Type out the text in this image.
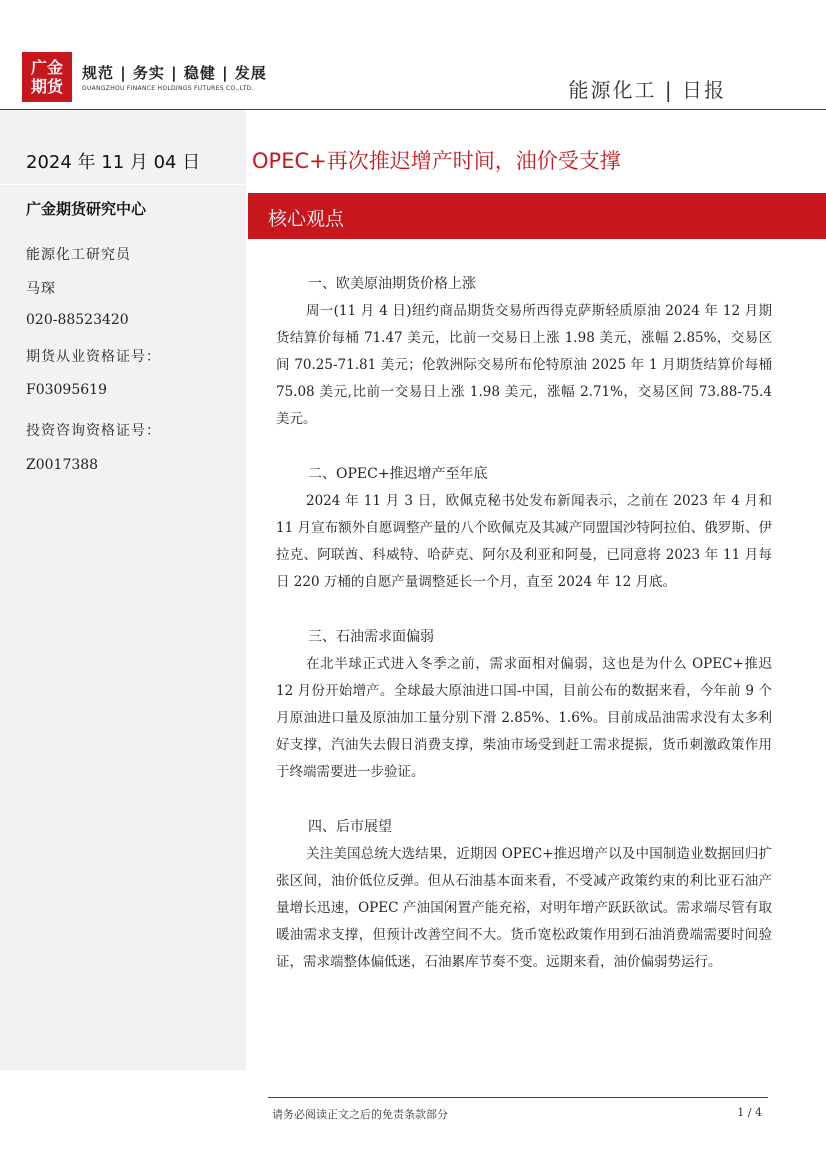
广金
期货
规范 | 务实 | 稳健 | 发展
GUANGZHOU FINANCE HOLDINGS FUTURES CO.,LTD.	能源化工 | 日报
2024 年 11 月 04 日
广金期货研究中心
能源化工研究员
马琛
020-88523420
期货从业资格证号：
F03095619
投资咨询资格证号：
Z0017388
OPEC+再次推迟增产时间，油价受支撑
核心观点
一、欧美原油期货价格上涨
周一(11 月 4 日)纽约商品期货交易所西得克萨斯轻质原油 2024 年 12 月期货结算价每桶 71.47 美元，比前一交易日上涨 1.98 美元，涨幅 2.85%，交易区间 70.25-71.81 美元；伦敦洲际交易所布伦特原油 2025 年 1 月期货结算价每桶 75.08 美元,比前一交易日上涨 1.98 美元，涨幅 2.71%，交易区间 73.88-75.4 美元。
二、OPEC+推迟增产至年底
2024 年 11 月 3 日，欧佩克秘书处发布新闻表示，之前在 2023 年 4 月和 11 月宣布额外自愿调整产量的八个欧佩克及其减产同盟国沙特阿拉伯、俄罗斯、伊拉克、阿联酋、科威特、哈萨克、阿尔及利亚和阿曼，已同意将 2023 年 11 月每日 220 万桶的自愿产量调整延长一个月，直至 2024 年 12 月底。
三、石油需求面偏弱
在北半球正式进入冬季之前，需求面相对偏弱，这也是为什么 OPEC+推迟 12 月份开始增产。全球最大原油进口国-中国，目前公布的数据来看，今年前 9 个月原油进口量及原油加工量分别下滑 2.85%、1.6%。目前成品油需求没有太多利好支撑，汽油失去假日消费支撑，柴油市场受到赶工需求提振，货币刺激政策作用于终端需要进一步验证。
四、后市展望
关注美国总统大选结果，近期因 OPEC+推迟增产以及中国制造业数据回归扩张区间，油价低位反弹。但从石油基本面来看，不受减产政策约束的利比亚石油产量增长迅速，OPEC 产油国闲置产能充裕，对明年增产跃跃欲试。需求端尽管有取暖油需求支撑，但预计改善空间不大。货币宽松政策作用到石油消费端需要时间验证，需求端整体偏低迷，石油累库节奏不变。远期来看，油价偏弱势运行。
请务必阅读正文之后的免责条款部分	1 / 4
